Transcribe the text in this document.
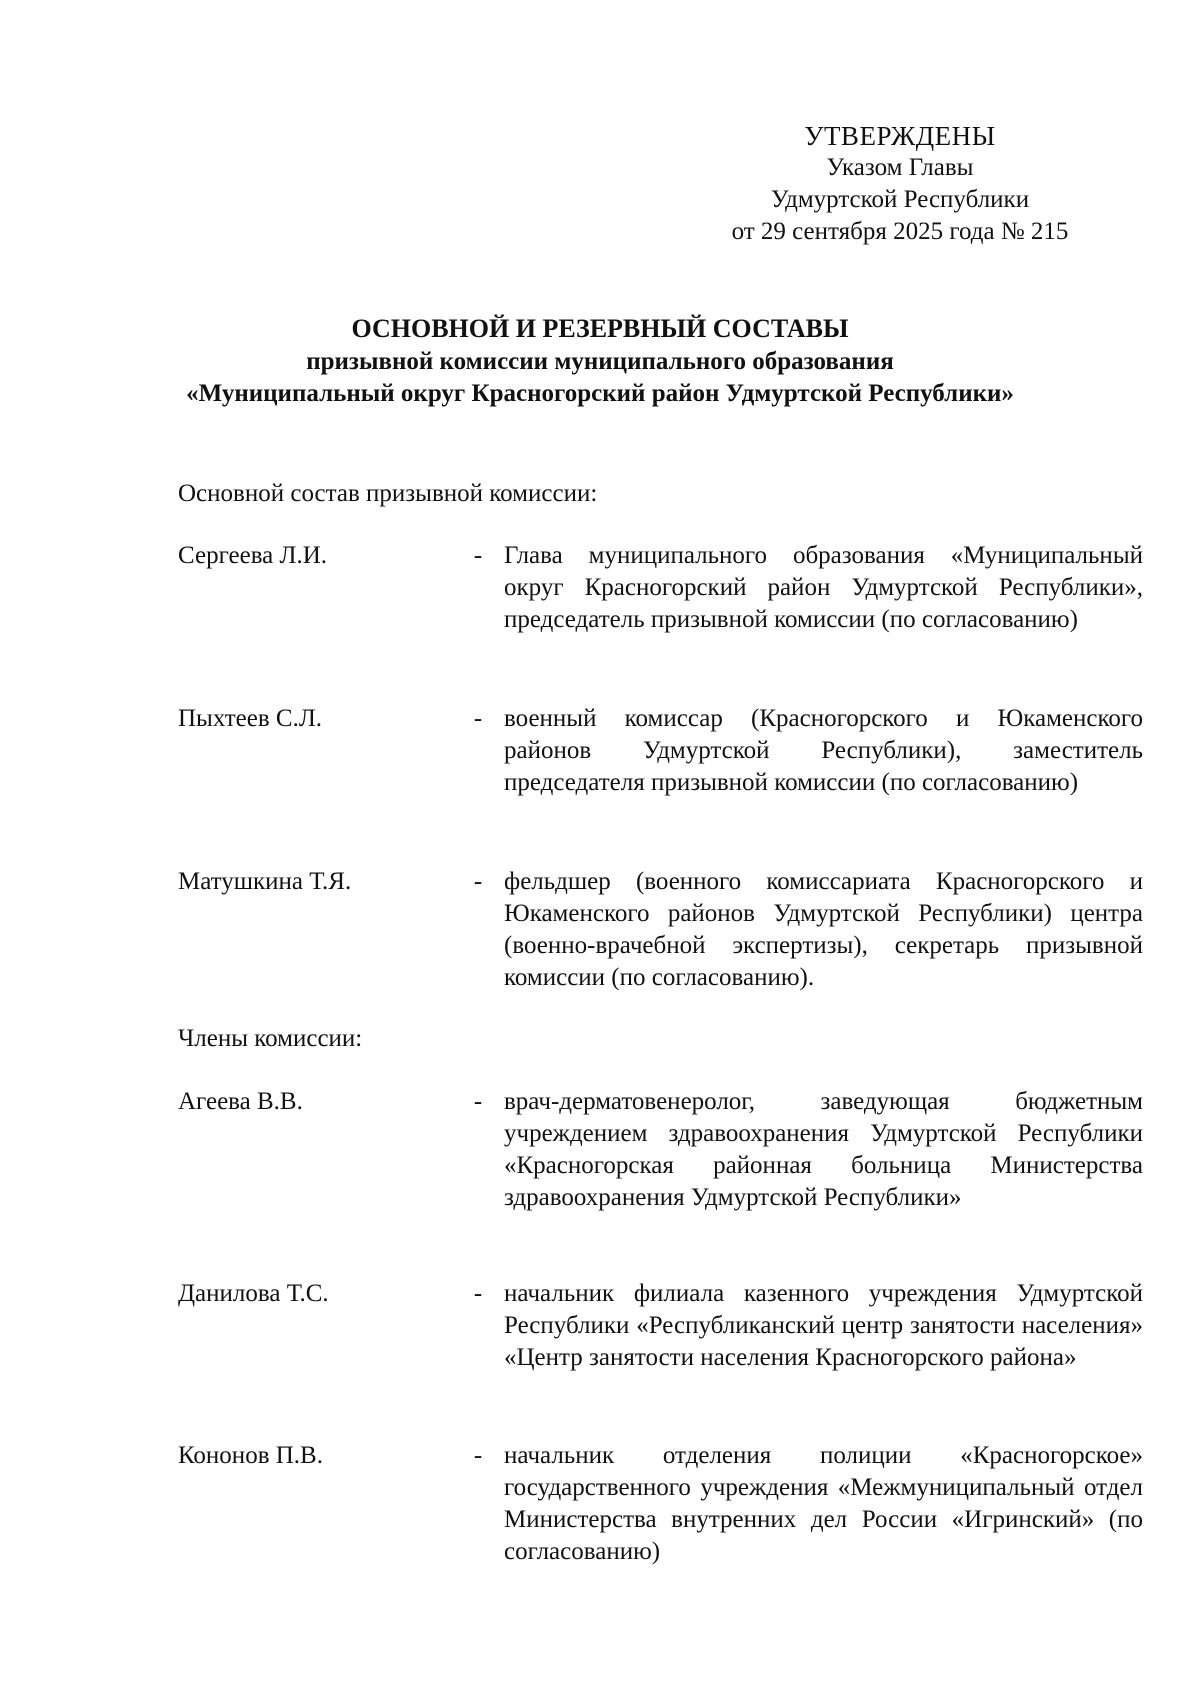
УТВЕРЖДЕНЫ
Указом Главы
Удмуртской Республики
от 29 сентября 2025 года № 215
ОСНОВНОЙ И РЕЗЕРВНЫЙ СОСТАВЫ
призывной комиссии муниципального образования
«Муниципальный округ Красногорский район Удмуртской Республики»
Основной состав призывной комиссии:
Сергеева Л.И.	- Глава муниципального образования «Муниципальный округ Красногорский район Удмуртской Республики», председатель призывной комиссии (по согласованию)
Пыхтеев С.Л.	- военный комиссар (Красногорского и Юкаменского районов Удмуртской Республики), заместитель председателя призывной комиссии (по согласованию)
Матушкина Т.Я.	- фельдшер (военного комиссариата Красногорского и Юкаменского районов Удмуртской Республики) центра (военно-врачебной экспертизы), секретарь призывной комиссии (по согласованию).
Члены комиссии:
Агеева В.В.	- врач-дерматовенеролог, заведующая бюджетным учреждением здравоохранения Удмуртской Республики «Красногорская районная больница Министерства здравоохранения Удмуртской Республики»
Данилова Т.С.	- начальник филиала казенного учреждения Удмуртской Республики «Республиканский центр занятости населения» «Центр занятости населения Красногорского района»
Кононов П.В.	- начальник отделения полиции «Красногорское» государственного учреждения «Межмуниципальный отдел Министерства внутренних дел России «Игринский» (по согласованию)
